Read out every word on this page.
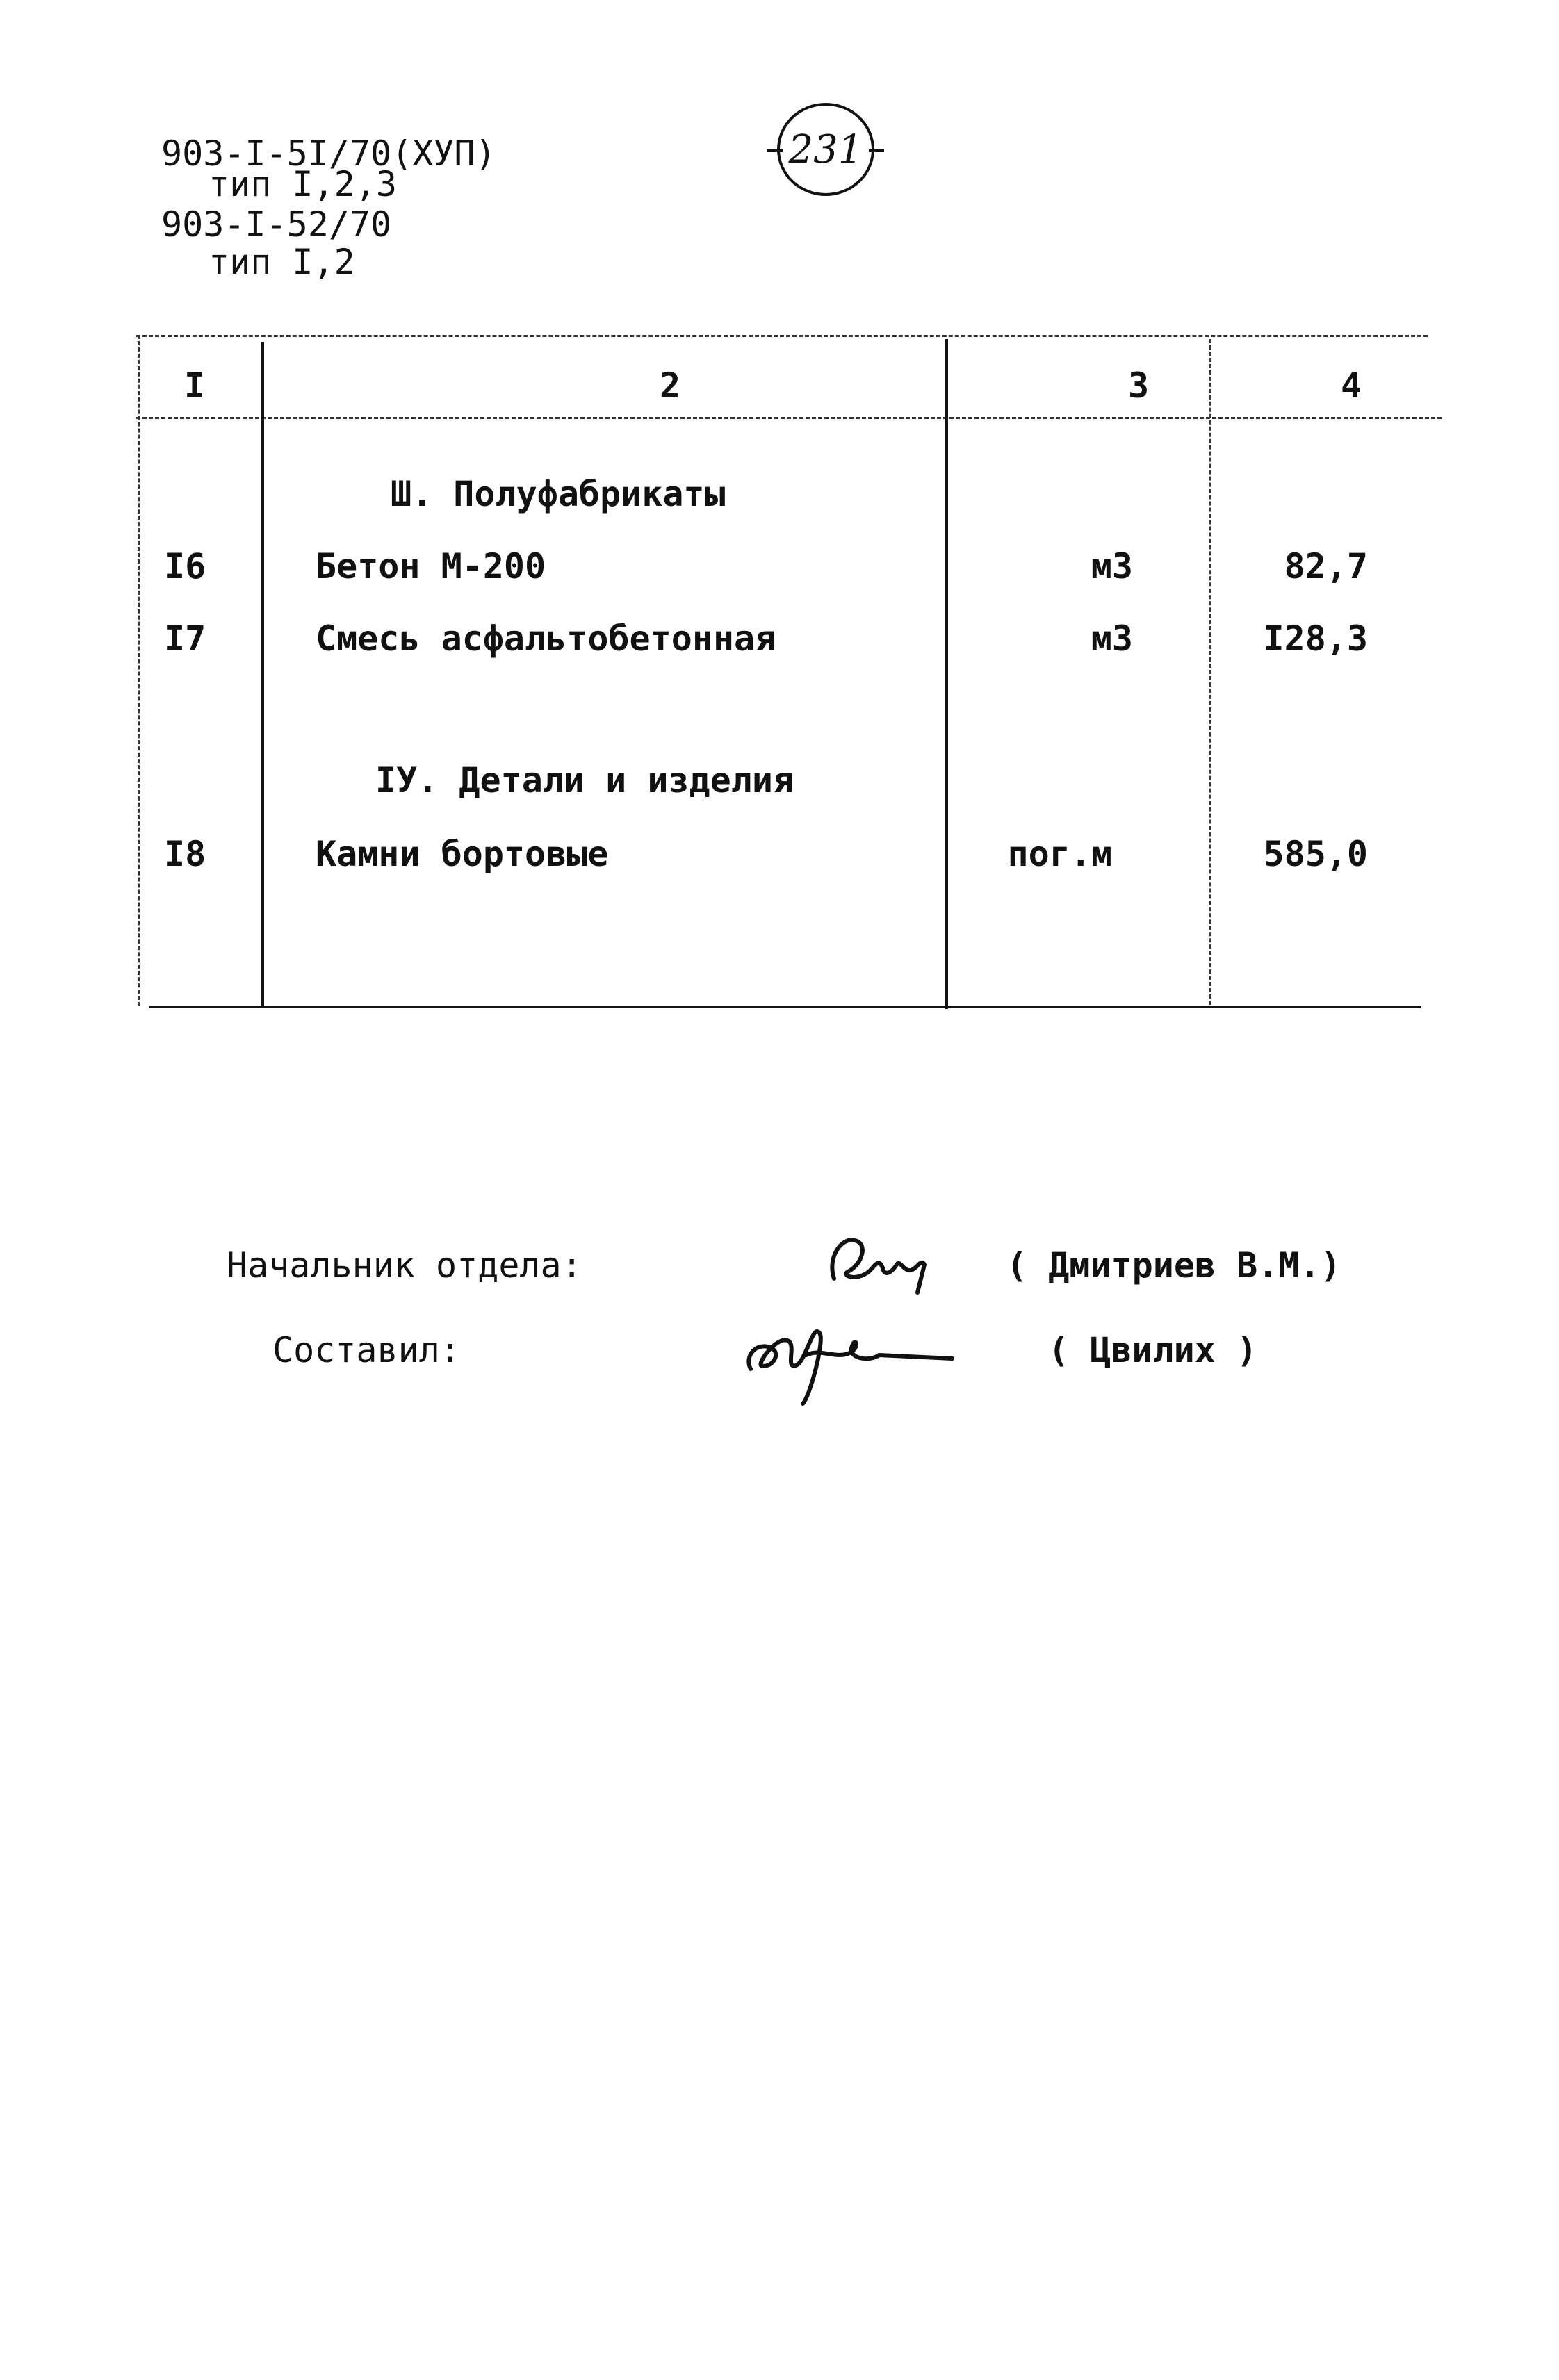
903-I-5I/70(ХУП)
тип I,2,3
903-I-52/70
тип I,2
231
I	2	3	4
Ш. Полуфабрикаты
I6	Бетон М-200	м3	82,7
I7	Смесь асфальтобетонная	м3	I28,3
IУ. Детали и изделия
I8	Камни бортовые	пог.м	585,0
Начальник отдела:	( Дмитриев В.М.)
Составил:	( Цвилих )
